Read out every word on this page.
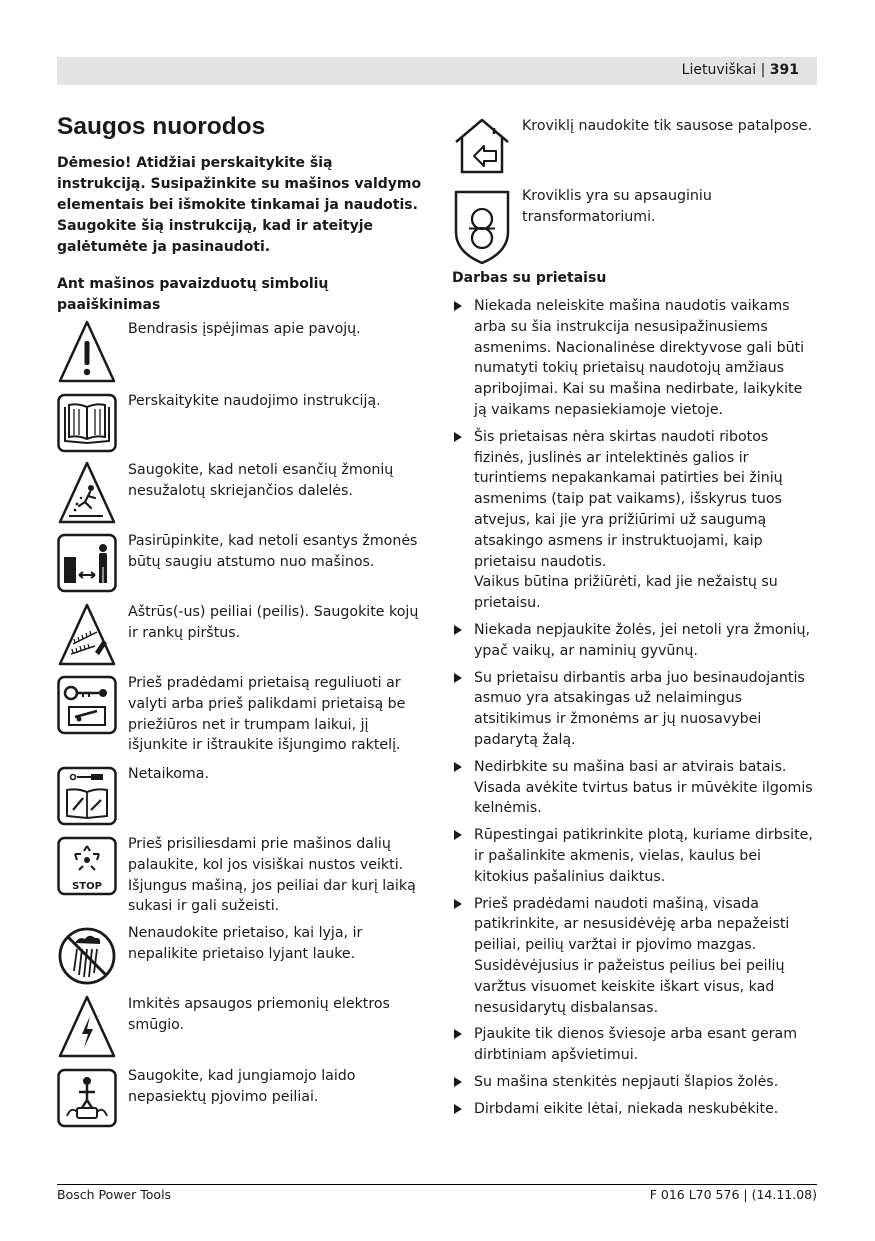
Lietuviškai | 391
Saugos nuorodos
Dėmesio! Atidžiai perskaitykite šią instrukciją. Susipažinkite su mašinos valdymo elementais bei išmokite tinkamai ja naudotis. Saugokite šią instrukciją, kad ir ateityje galėtumėte ja pasinaudoti.
Ant mašinos pavaizduotų simbolių paaiškinimas
Bendrasis įspėjimas apie pavojų.
Perskaitykite naudojimo instrukciją.
Saugokite, kad netoli esančių žmonių nesužalotų skriejančios dalelės.
Pasirūpinkite, kad netoli esantys žmonės būtų saugiu atstumo nuo mašinos.
Aštrūs(-us) peiliai (peilis). Saugokite kojų ir rankų pirštus.
Prieš pradėdami prietaisą reguliuoti ar valyti arba prieš palikdami prietaisą be priežiūros net ir trumpam laikui, jį išjunkite ir ištraukite išjungimo raktelį.
Netaikoma.
STOP
Prieš prisiliesdami prie mašinos dalių palaukite, kol jos visiškai nustos veikti. Išjungus mašiną, jos peiliai dar kurį laiką sukasi ir gali sužeisti.
Nenaudokite prietaiso, kai lyja, ir nepalikite prietaiso lyjant lauke.
Imkitės apsaugos priemonių elektros smūgio.
Saugokite, kad jungiamojo laido nepasiektų pjovimo peiliai.
Kroviklį naudokite tik sausose patalpose.
Kroviklis yra su apsauginiu transformatoriumi.
Darbas su prietaisu
Niekada neleiskite mašina naudotis vaikams arba su šia instrukcija nesusipažinusiems asmenims. Nacionalinėse direktyvose gali būti numatyti tokių prietaisų naudotojų amžiaus apribojimai. Kai su mašina nedirbate, laikykite ją vaikams nepasiekiamoje vietoje.
Šis prietaisas nėra skirtas naudoti ribotos fizinės, juslinės ar intelektinės galios ir turintiems nepakankamai patirties bei žinių asmenims (taip pat vaikams), išskyrus tuos atvejus, kai jie yra prižiūrimi už saugumą atsakingo asmens ir instruktuojami, kaip prietaisu naudotis.
Vaikus būtina prižiūrėti, kad jie nežaistų su prietaisu.
Niekada nepjaukite žolės, jei netoli yra žmonių, ypač vaikų, ar naminių gyvūnų.
Su prietaisu dirbantis arba juo besinaudojantis asmuo yra atsakingas už nelaimingus atsitikimus ir žmonėms ar jų nuosavybei padarytą žalą.
Nedirbkite su mašina basi ar atvirais batais. Visada avėkite tvirtus batus ir mūvėkite ilgomis kelnėmis.
Rūpestingai patikrinkite plotą, kuriame dirbsite, ir pašalinkite akmenis, vielas, kaulus bei kitokius pašalinius daiktus.
Prieš pradėdami naudoti mašiną, visada patikrinkite, ar nesusidėvėję arba nepažeisti peiliai, peilių varžtai ir pjovimo mazgas. Susidėvėjusius ir pažeistus peilius bei peilių varžtus visuomet keiskite iškart visus, kad nesusidarytų disbalansas.
Pjaukite tik dienos šviesoje arba esant geram dirbtiniam apšvietimui.
Su mašina stenkitės nepjauti šlapios žolės.
Dirbdami eikite lėtai, niekada neskubėkite.
Bosch Power Tools	F 016 L70 576 | (14.11.08)
